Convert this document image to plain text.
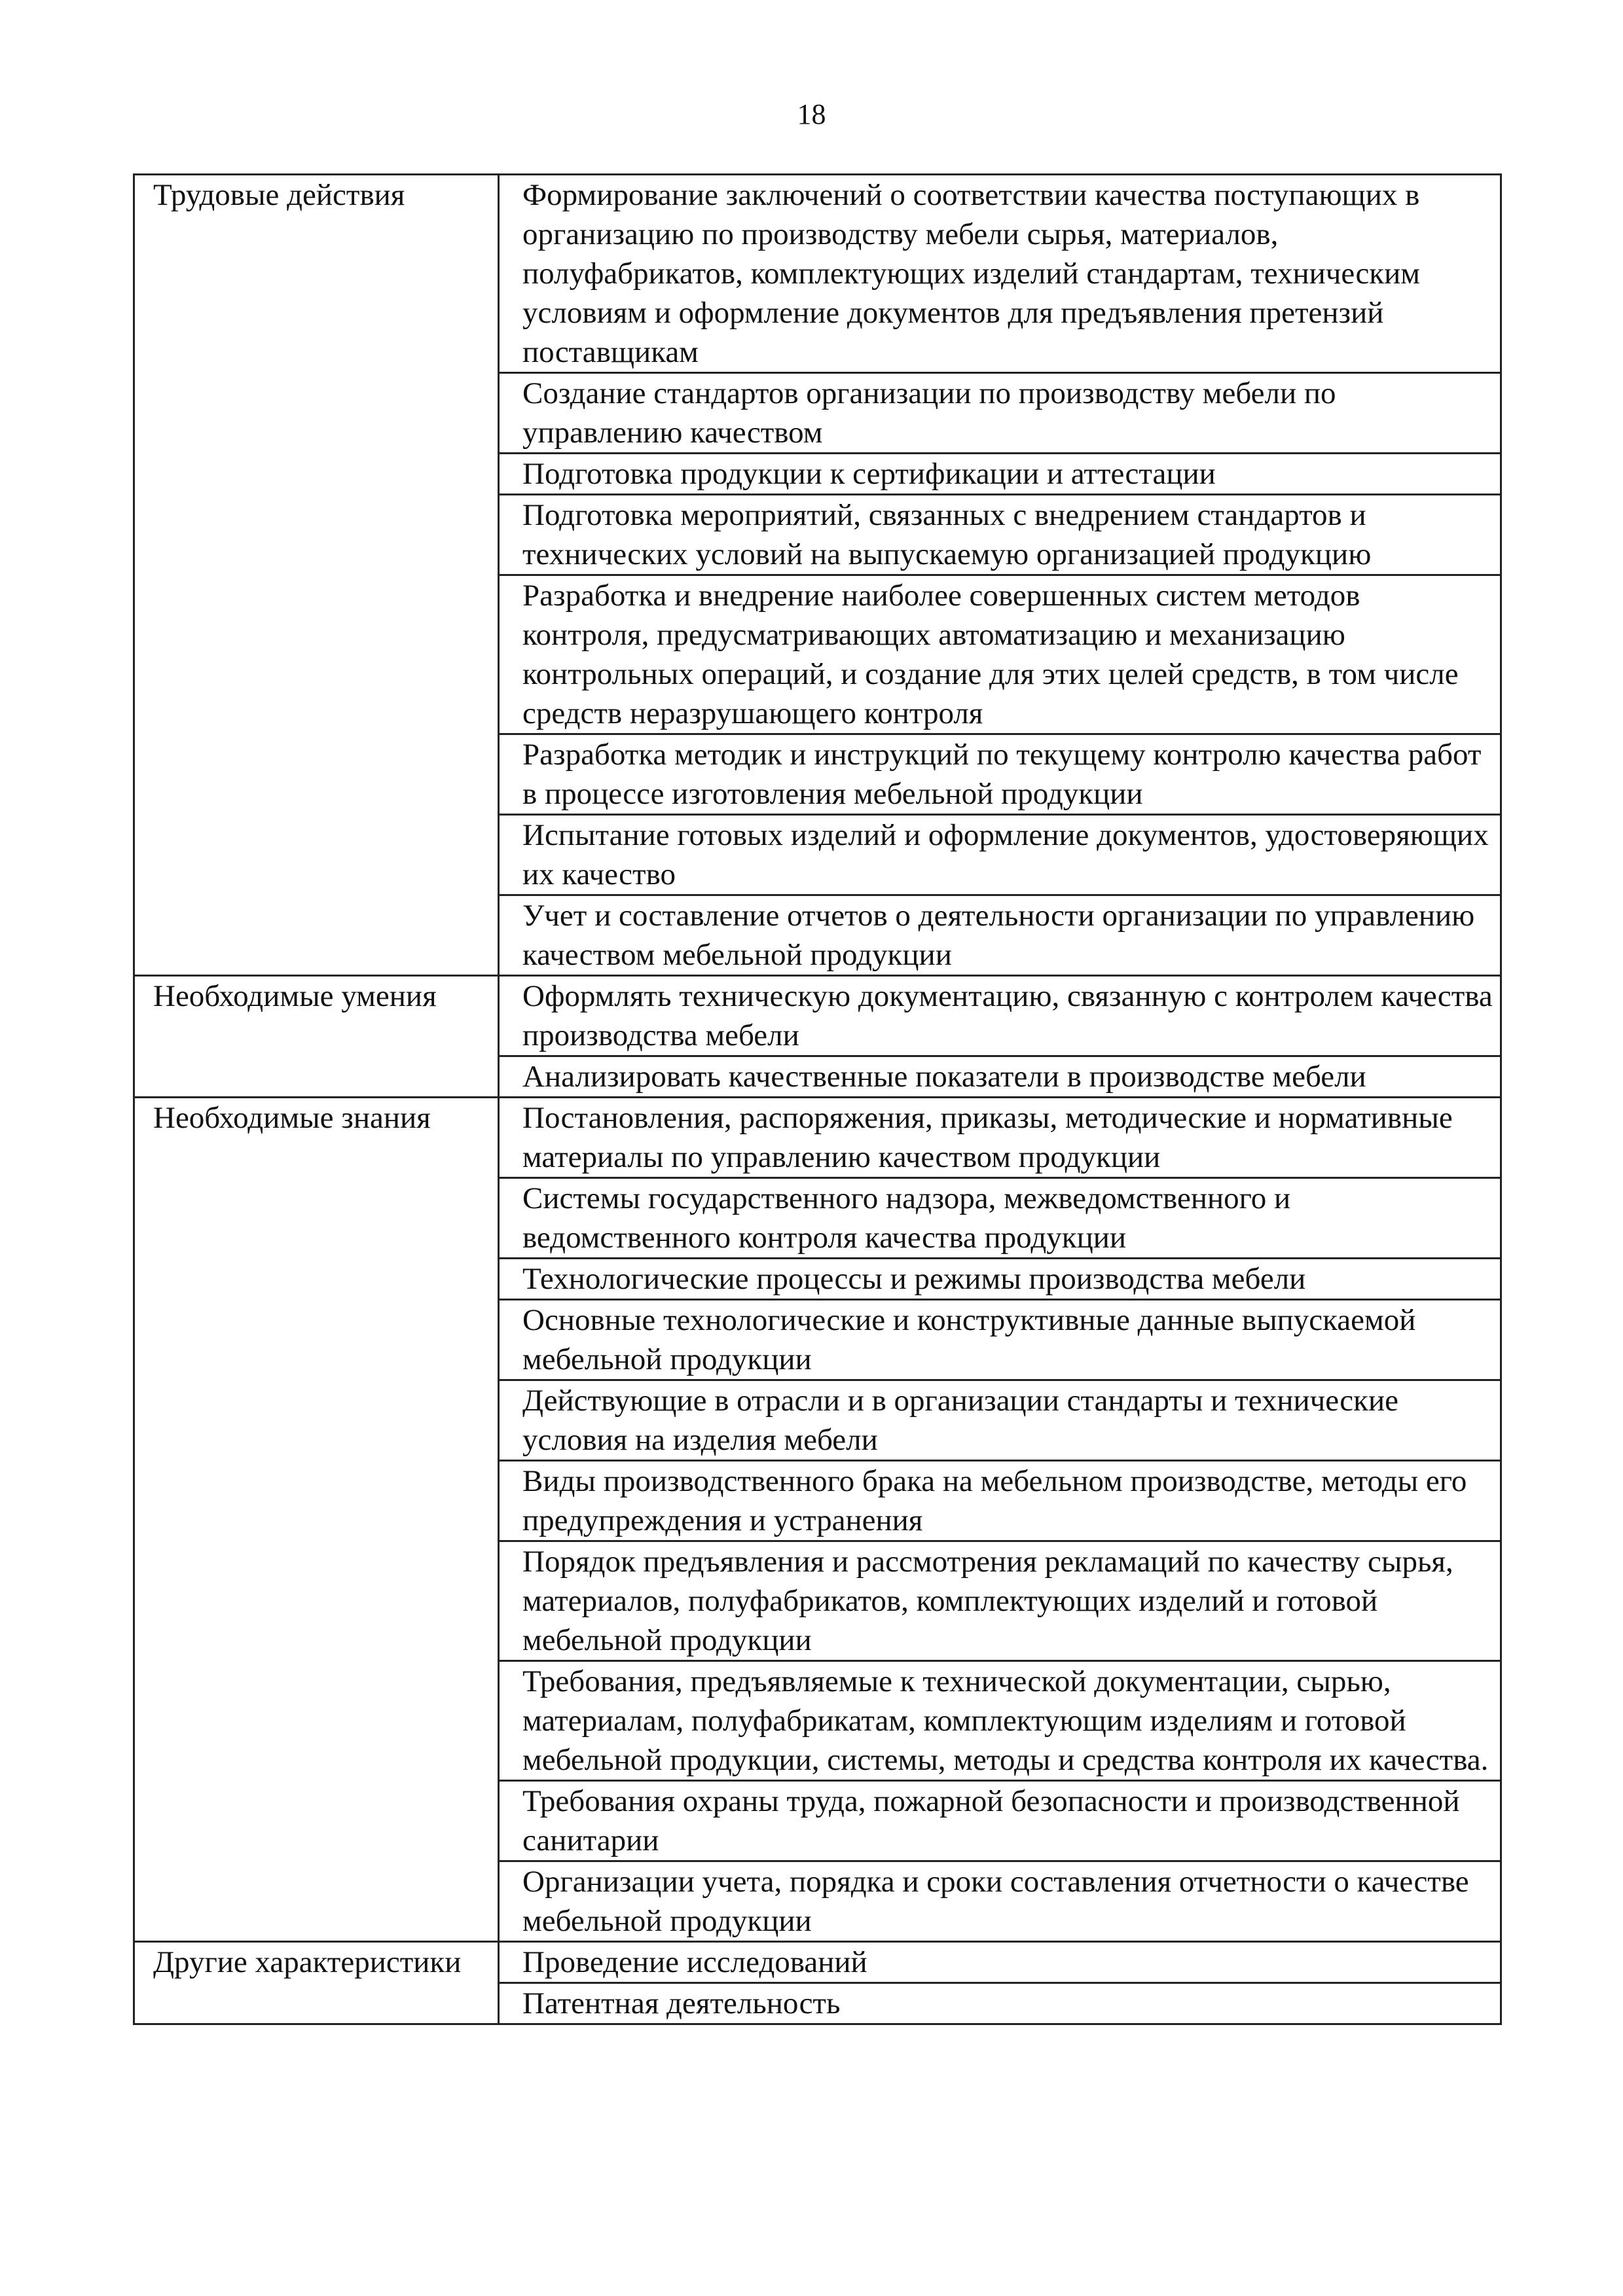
18
Трудовые действия	Формирование заключений о соответствии качества поступающих в организацию по производству мебели сырья, материалов, полуфабрикатов, комплектующих изделий стандартам, техническим условиям и оформление документов для предъявления претензий поставщикам
	Создание стандартов организации по производству мебели по управлению качеством
	Подготовка продукции к сертификации и аттестации
	Подготовка мероприятий, связанных с внедрением стандартов и технических условий на выпускаемую организацией продукцию
	Разработка и внедрение наиболее совершенных систем методов контроля, предусматривающих автоматизацию и механизацию контрольных операций, и создание для этих целей средств, в том числе средств неразрушающего контроля
	Разработка методик и инструкций по текущему контролю качества работ в процессе изготовления мебельной продукции
	Испытание готовых изделий и оформление документов, удостоверяющих их качество
	Учет и составление отчетов о деятельности организации по управлению качеством мебельной продукции
Необходимые умения	Оформлять техническую документацию, связанную с контролем качества производства мебели
	Анализировать качественные показатели в производстве мебели
Необходимые знания	Постановления, распоряжения, приказы, методические и нормативные материалы по управлению качеством продукции
	Системы государственного надзора, межведомственного и ведомственного контроля качества продукции
	Технологические процессы и режимы производства мебели
	Основные технологические и конструктивные данные выпускаемой мебельной продукции
	Действующие в отрасли и в организации стандарты и технические условия на изделия мебели
	Виды производственного брака на мебельном производстве, методы его предупреждения и устранения
	Порядок предъявления и рассмотрения рекламаций по качеству сырья, материалов, полуфабрикатов, комплектующих изделий и готовой мебельной продукции
	Требования, предъявляемые к технической документации, сырью, материалам, полуфабрикатам, комплектующим изделиям и готовой мебельной продукции, системы, методы и средства контроля их качества.
	Требования охраны труда, пожарной безопасности и производственной санитарии
	Организации учета, порядка и сроки составления отчетности о качестве мебельной продукции
Другие характеристики	Проведение исследований
	Патентная деятельность
